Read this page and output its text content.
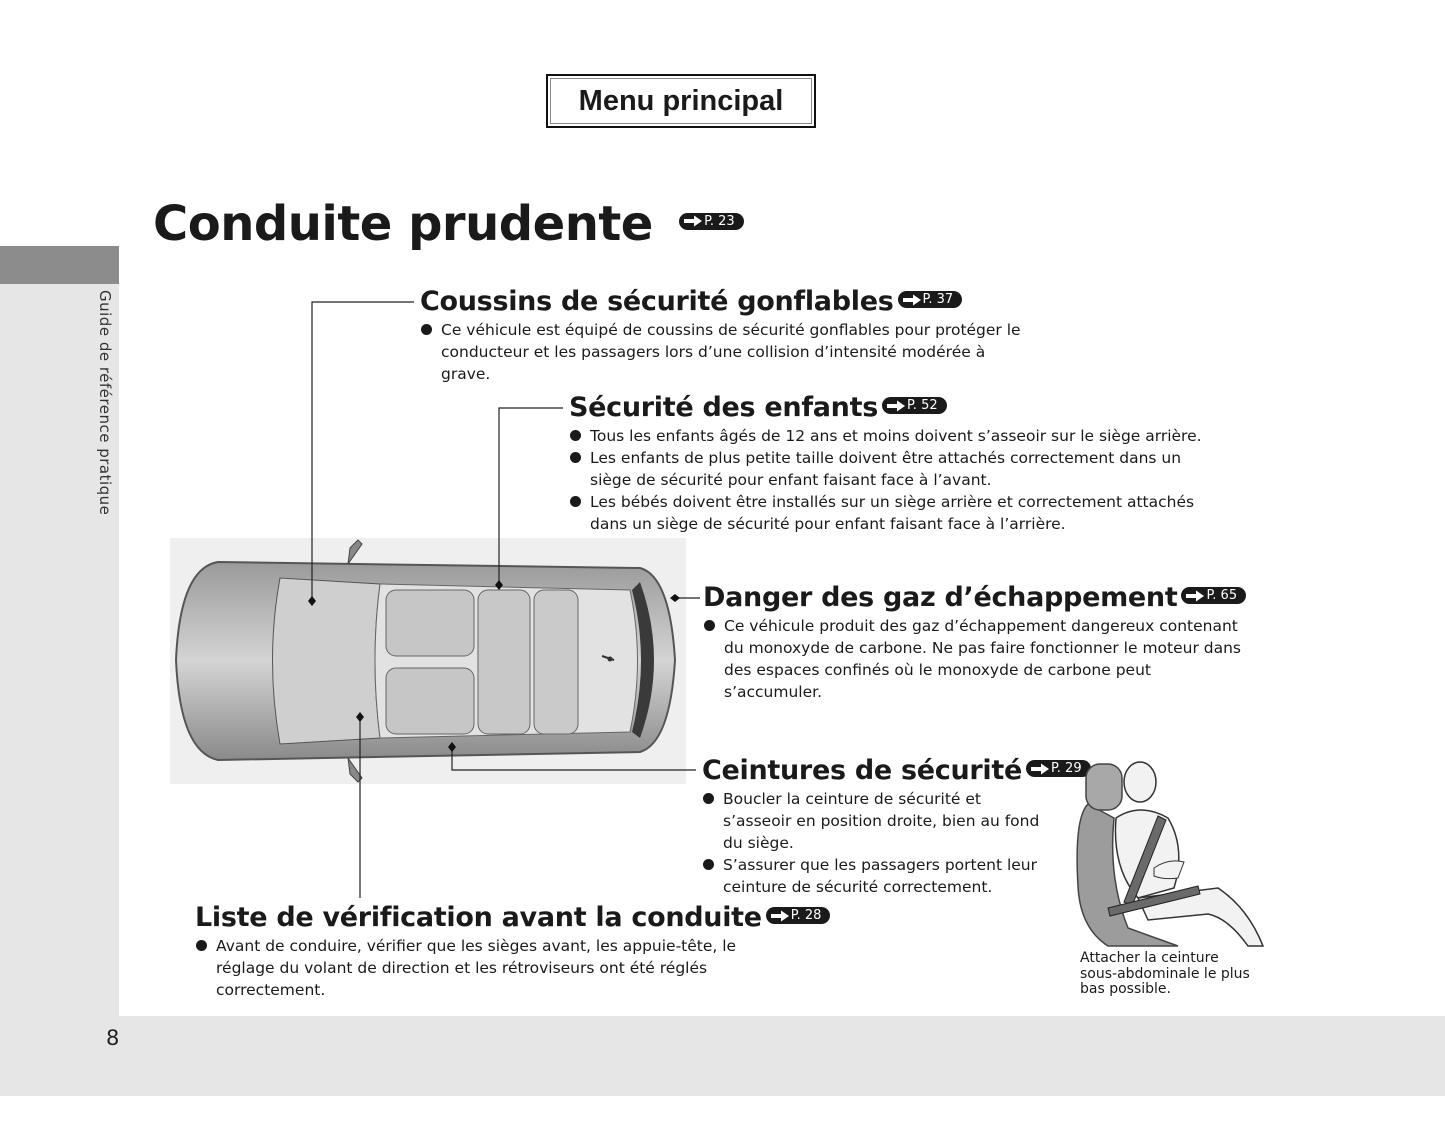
Guide de référence pratique
8
Menu principal
Conduite prudente	P. 23
Coussins de sécurité gonflables P. 37
Ce véhicule est équipé de coussins de sécurité gonflables pour protéger le conducteur et les passagers lors d’une collision d’intensité modérée à grave.
Sécurité des enfants P. 52
Tous les enfants âgés de 12 ans et moins doivent s’asseoir sur le siège arrière.
Les enfants de plus petite taille doivent être attachés correctement dans un siège de sécurité pour enfant faisant face à l’avant.
Les bébés doivent être installés sur un siège arrière et correctement attachés dans un siège de sécurité pour enfant faisant face à l’arrière.
Danger des gaz d’échappement P. 65
Ce véhicule produit des gaz d’échappement dangereux contenant du monoxyde de carbone. Ne pas faire fonctionner le moteur dans des espaces confinés où le monoxyde de carbone peut s’accumuler.
Ceintures de sécurité P. 29
Boucler la ceinture de sécurité et s’asseoir en position droite, bien au fond du siège.
S’assurer que les passagers portent leur ceinture de sécurité correctement.
Liste de vérification avant la conduite P. 28
Avant de conduire, vérifier que les sièges avant, les appuie-tête, le réglage du volant de direction et les rétroviseurs ont été réglés correctement.
Attacher la ceinture sous-abdominale le plus bas possible.
